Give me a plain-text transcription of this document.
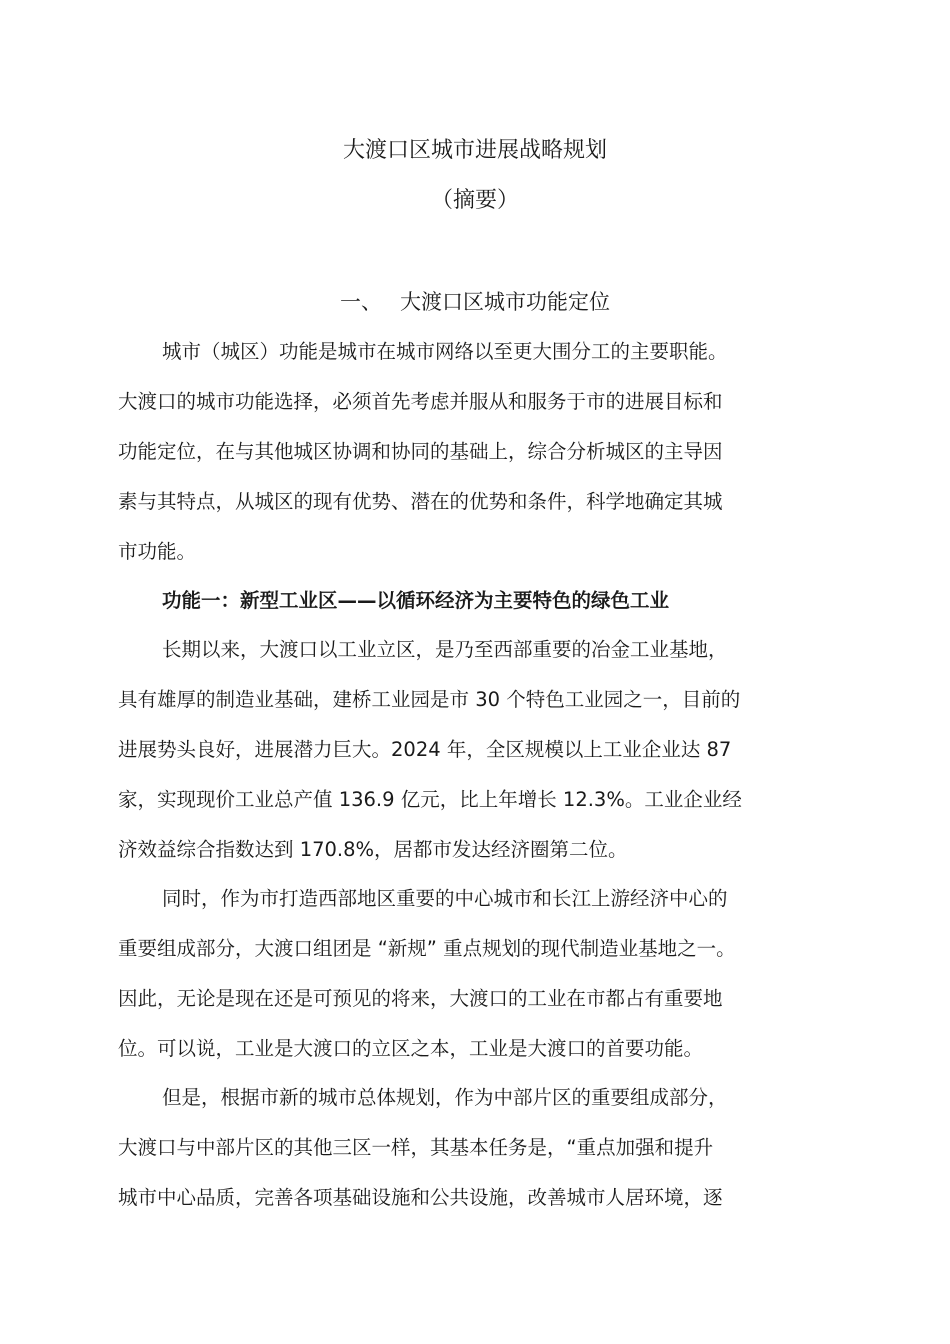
大渡口区城市进展战略规划
（摘要）
一、 大渡口区城市功能定位
城市（城区）功能是城市在城市网络以至更大围分工的主要职能。
大渡口的城市功能选择，必须首先考虑并服从和服务于市的进展目标和
功能定位，在与其他城区协调和协同的基础上，综合分析城区的主导因
素与其特点，从城区的现有优势、潜在的优势和条件，科学地确定其城
市功能。
功能一：新型工业区——以循环经济为主要特色的绿色工业
长期以来，大渡口以工业立区，是乃至西部重要的冶金工业基地，
具有雄厚的制造业基础，建桥工业园是市 30 个特色工业园之一，目前的
进展势头良好，进展潜力巨大。2024 年，全区规模以上工业企业达 87
家，实现现价工业总产值 136.9 亿元，比上年增长 12.3%。工业企业经
济效益综合指数达到 170.8%，居都市发达经济圈第二位。
同时，作为市打造西部地区重要的中心城市和长江上游经济中心的
重要组成部分，大渡口组团是 “新规” 重点规划的现代制造业基地之一。
因此，无论是现在还是可预见的将来，大渡口的工业在市都占有重要地
位。可以说，工业是大渡口的立区之本，工业是大渡口的首要功能。
但是，根据市新的城市总体规划，作为中部片区的重要组成部分，
大渡口与中部片区的其他三区一样，其基本任务是，“重点加强和提升
城市中心品质，完善各项基础设施和公共设施，改善城市人居环境，逐
